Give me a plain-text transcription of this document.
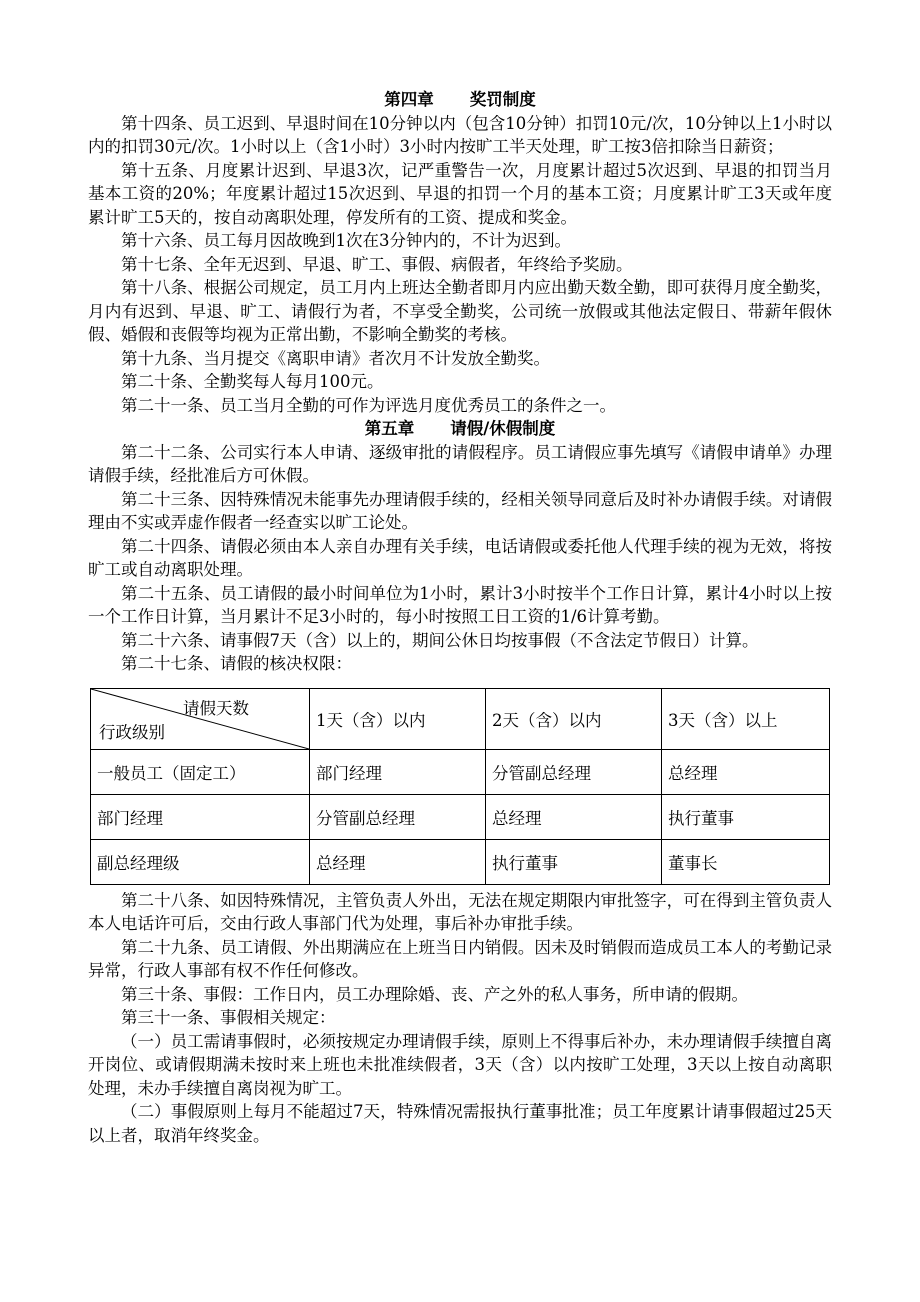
第四章 奖罚制度

第十四条、员工迟到、早退时间在10分钟以内（包含10分钟）扣罚10元/次，10分钟以上1小时以内的扣罚30元/次。1小时以上（含1小时）3小时内按旷工半天处理，旷工按3倍扣除当日薪资；

第十五条、月度累计迟到、早退3次，记严重警告一次，月度累计超过5次迟到、早退的扣罚当月基本工资的20%；年度累计超过15次迟到、早退的扣罚一个月的基本工资；月度累计旷工3天或年度累计旷工5天的，按自动离职处理，停发所有的工资、提成和奖金。

第十六条、员工每月因故晚到1次在3分钟内的，不计为迟到。

第十七条、全年无迟到、早退、旷工、事假、病假者，年终给予奖励。

第十八条、根据公司规定，员工月内上班达全勤者即月内应出勤天数全勤，即可获得月度全勤奖，月内有迟到、早退、旷工、请假行为者，不享受全勤奖，公司统一放假或其他法定假日、带薪年假休假、婚假和丧假等均视为正常出勤，不影响全勤奖的考核。

第十九条、当月提交《离职申请》者次月不计发放全勤奖。

第二十条、全勤奖每人每月100元。

第二十一条、员工当月全勤的可作为评选月度优秀员工的条件之一。

第五章 请假/休假制度

第二十二条、公司实行本人申请、逐级审批的请假程序。员工请假应事先填写《请假申请单》办理请假手续，经批准后方可休假。

第二十三条、因特殊情况未能事先办理请假手续的，经相关领导同意后及时补办请假手续。对请假理由不实或弄虚作假者一经查实以旷工论处。

第二十四条、请假必须由本人亲自办理有关手续，电话请假或委托他人代理手续的视为无效，将按旷工或自动离职处理。

第二十五条、员工请假的最小时间单位为1小时，累计3小时按半个工作日计算，累计4小时以上按一个工作日计算，当月累计不足3小时的，每小时按照工日工资的1/6计算考勤。

第二十六条、请事假7天（含）以上的，期间公休日均按事假（不含法定节假日）计算。

第二十七条、请假的核决权限：

请假天数
行政级别	1天（含）以内	2天（含）以内	3天（含）以上
一般员工（固定工）	部门经理	分管副总经理	总经理
部门经理	分管副总经理	总经理	执行董事
副总经理级	总经理	执行董事	董事长

第二十八条、如因特殊情况，主管负责人外出，无法在规定期限内审批签字，可在得到主管负责人本人电话许可后，交由行政人事部门代为处理，事后补办审批手续。

第二十九条、员工请假、外出期满应在上班当日内销假。因未及时销假而造成员工本人的考勤记录异常，行政人事部有权不作任何修改。

第三十条、事假：工作日内，员工办理除婚、丧、产之外的私人事务，所申请的假期。

第三十一条、事假相关规定：

（一）员工需请事假时，必须按规定办理请假手续，原则上不得事后补办，未办理请假手续擅自离开岗位、或请假期满未按时来上班也未批准续假者，3天（含）以内按旷工处理，3天以上按自动离职处理，未办手续擅自离岗视为旷工。

（二）事假原则上每月不能超过7天，特殊情况需报执行董事批准；员工年度累计请事假超过25天以上者，取消年终奖金。
